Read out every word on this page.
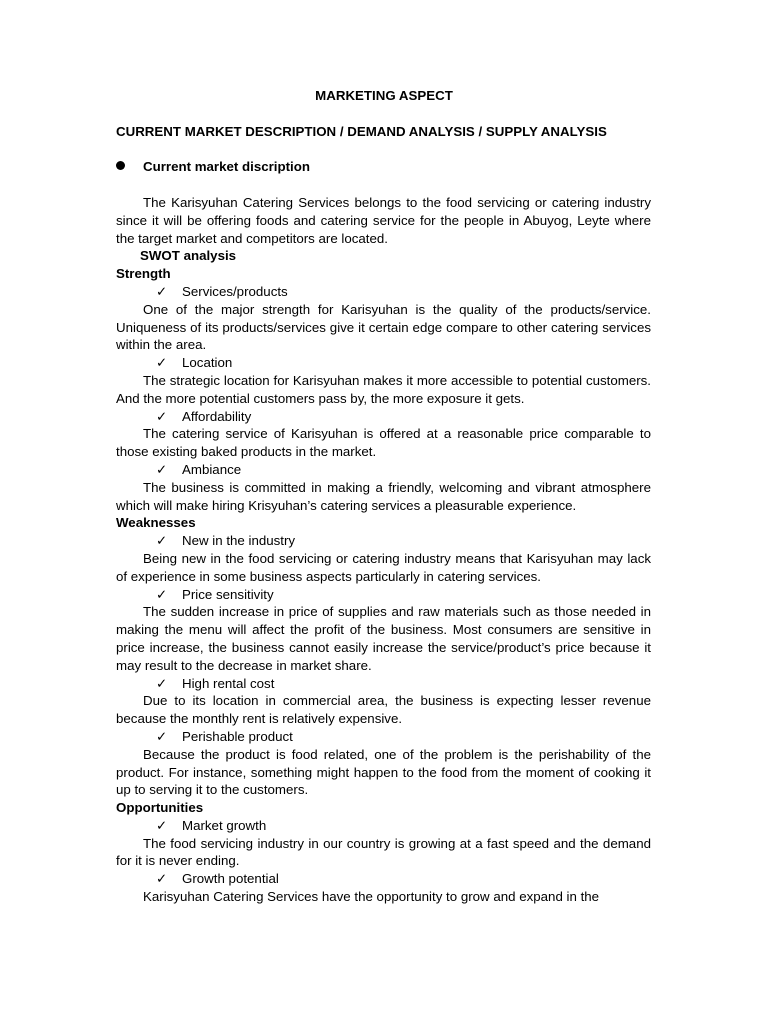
MARKETING ASPECT
CURRENT MARKET DESCRIPTION / DEMAND ANALYSIS / SUPPLY ANALYSIS
Current market discription

The Karisyuhan Catering Services belongs to the food servicing or catering industry since it will be offering foods and catering service for the people in Abuyog, Leyte where the target market and competitors are located.

SWOT analysis
Strength
✓ Services/products

One of the major strength for Karisyuhan is the quality of the products/service. Uniqueness of its products/services give it certain edge compare to other catering services within the area.

✓ Location

The strategic location for Karisyuhan makes it more accessible to potential customers. And the more potential customers pass by, the more exposure it gets.

✓ Affordability

The catering service of Karisyuhan is offered at a reasonable price comparable to those existing baked products in the market.

✓ Ambiance

The business is committed in making a friendly, welcoming and vibrant atmosphere which will make hiring Krisyuhan’s catering services a pleasurable experience.

Weaknesses
✓ New in the industry

Being new in the food servicing or catering industry means that Karisyuhan may lack of experience in some business aspects particularly in catering services.

✓ Price sensitivity

The sudden increase in price of supplies and raw materials such as those needed in making the menu will affect the profit of the business. Most consumers are sensitive in price increase, the business cannot easily increase the service/product’s price because it may result to the decrease in market share.

✓ High rental cost

Due to its location in commercial area, the business is expecting lesser revenue because the monthly rent is relatively expensive.

✓ Perishable product

Because the product is food related, one of the problem is the perishability of the product. For instance, something might happen to the food from the moment of cooking it up to serving it to the customers.

Opportunities
✓ Market growth

The food servicing industry in our country is growing at a fast speed and the demand for it is never ending.

✓ Growth potential

Karisyuhan Catering Services have the opportunity to grow and expand in the
